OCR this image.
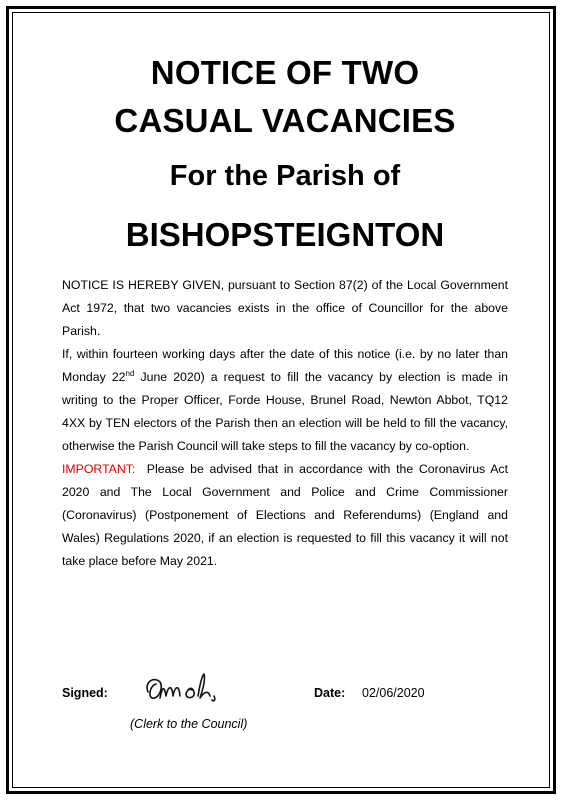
NOTICE OF TWO
CASUAL VACANCIES
For the Parish of
BISHOPSTEIGNTON

NOTICE IS HEREBY GIVEN, pursuant to Section 87(2) of the Local Government Act 1972, that two vacancies exists in the office of Councillor for the above Parish.

If, within fourteen working days after the date of this notice (i.e. by no later than Monday 22nd June 2020) a request to fill the vacancy by election is made in writing to the Proper Officer, Forde House, Brunel Road, Newton Abbot, TQ12 4XX by TEN electors of the Parish then an election will be held to fill the vacancy, otherwise the Parish Council will take steps to fill the vacancy by co-option.

IMPORTANT:  Please be advised that in accordance with the Coronavirus Act 2020 and The Local Government and Police and Crime Commissioner (Coronavirus) (Postponement of Elections and Referendums) (England and Wales) Regulations 2020, if an election is requested to fill this vacancy it will not take place before May 2021.

Signed:
(Clerk to the Council)
Date: 02/06/2020
